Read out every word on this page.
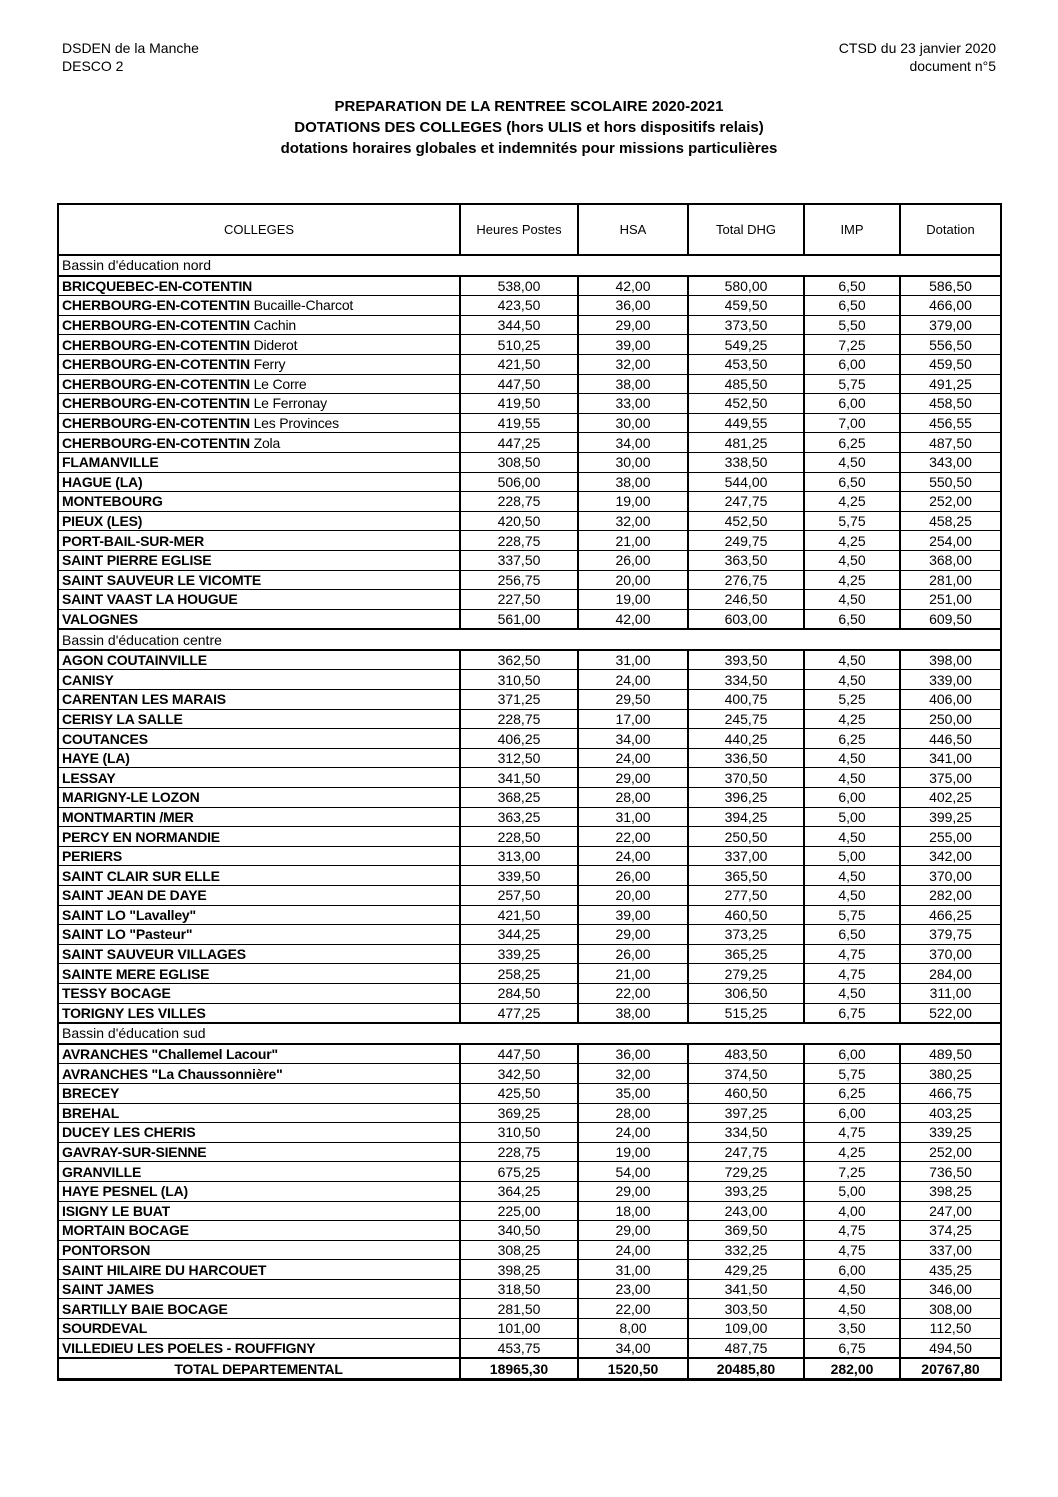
DSDEN de la Manche
DESCO 2
CTSD du 23 janvier 2020
document n°5
PREPARATION DE LA RENTREE SCOLAIRE 2020-2021
DOTATIONS DES COLLEGES (hors ULIS et hors dispositifs relais)
dotations horaires globales et indemnités pour missions particulières
COLLEGES	Heures Postes	HSA	Total DHG	IMP	Dotation
Bassin d'éducation nord					
BRICQUEBEC-EN-COTENTIN	538,00	42,00	580,00	6,50	586,50
CHERBOURG-EN-COTENTIN Bucaille-Charcot	423,50	36,00	459,50	6,50	466,00
CHERBOURG-EN-COTENTIN Cachin	344,50	29,00	373,50	5,50	379,00
CHERBOURG-EN-COTENTIN Diderot	510,25	39,00	549,25	7,25	556,50
CHERBOURG-EN-COTENTIN Ferry	421,50	32,00	453,50	6,00	459,50
CHERBOURG-EN-COTENTIN Le Corre	447,50	38,00	485,50	5,75	491,25
CHERBOURG-EN-COTENTIN Le Ferronay	419,50	33,00	452,50	6,00	458,50
CHERBOURG-EN-COTENTIN Les Provinces	419,55	30,00	449,55	7,00	456,55
CHERBOURG-EN-COTENTIN Zola	447,25	34,00	481,25	6,25	487,50
FLAMANVILLE	308,50	30,00	338,50	4,50	343,00
HAGUE (LA)	506,00	38,00	544,00	6,50	550,50
MONTEBOURG	228,75	19,00	247,75	4,25	252,00
PIEUX (LES)	420,50	32,00	452,50	5,75	458,25
PORT-BAIL-SUR-MER	228,75	21,00	249,75	4,25	254,00
SAINT PIERRE EGLISE	337,50	26,00	363,50	4,50	368,00
SAINT SAUVEUR LE VICOMTE	256,75	20,00	276,75	4,25	281,00
SAINT VAAST LA HOUGUE	227,50	19,00	246,50	4,50	251,00
VALOGNES	561,00	42,00	603,00	6,50	609,50
Bassin d'éducation centre					
AGON COUTAINVILLE	362,50	31,00	393,50	4,50	398,00
CANISY	310,50	24,00	334,50	4,50	339,00
CARENTAN LES MARAIS	371,25	29,50	400,75	5,25	406,00
CERISY LA SALLE	228,75	17,00	245,75	4,25	250,00
COUTANCES	406,25	34,00	440,25	6,25	446,50
HAYE (LA)	312,50	24,00	336,50	4,50	341,00
LESSAY	341,50	29,00	370,50	4,50	375,00
MARIGNY-LE LOZON	368,25	28,00	396,25	6,00	402,25
MONTMARTIN /MER	363,25	31,00	394,25	5,00	399,25
PERCY EN NORMANDIE	228,50	22,00	250,50	4,50	255,00
PERIERS	313,00	24,00	337,00	5,00	342,00
SAINT CLAIR SUR ELLE	339,50	26,00	365,50	4,50	370,00
SAINT JEAN DE DAYE	257,50	20,00	277,50	4,50	282,00
SAINT LO "Lavalley"	421,50	39,00	460,50	5,75	466,25
SAINT LO "Pasteur"	344,25	29,00	373,25	6,50	379,75
SAINT SAUVEUR VILLAGES	339,25	26,00	365,25	4,75	370,00
SAINTE MERE EGLISE	258,25	21,00	279,25	4,75	284,00
TESSY BOCAGE	284,50	22,00	306,50	4,50	311,00
TORIGNY LES VILLES	477,25	38,00	515,25	6,75	522,00
Bassin d'éducation sud					
AVRANCHES "Challemel Lacour"	447,50	36,00	483,50	6,00	489,50
AVRANCHES "La Chaussonnière"	342,50	32,00	374,50	5,75	380,25
BRECEY	425,50	35,00	460,50	6,25	466,75
BREHAL	369,25	28,00	397,25	6,00	403,25
DUCEY LES CHERIS	310,50	24,00	334,50	4,75	339,25
GAVRAY-SUR-SIENNE	228,75	19,00	247,75	4,25	252,00
GRANVILLE	675,25	54,00	729,25	7,25	736,50
HAYE PESNEL (LA)	364,25	29,00	393,25	5,00	398,25
ISIGNY LE BUAT	225,00	18,00	243,00	4,00	247,00
MORTAIN BOCAGE	340,50	29,00	369,50	4,75	374,25
PONTORSON	308,25	24,00	332,25	4,75	337,00
SAINT HILAIRE DU HARCOUET	398,25	31,00	429,25	6,00	435,25
SAINT JAMES	318,50	23,00	341,50	4,50	346,00
SARTILLY BAIE BOCAGE	281,50	22,00	303,50	4,50	308,00
SOURDEVAL	101,00	8,00	109,00	3,50	112,50
VILLEDIEU LES POELES - ROUFFIGNY	453,75	34,00	487,75	6,75	494,50
TOTAL DEPARTEMENTAL	18965,30	1520,50	20485,80	282,00	20767,80
